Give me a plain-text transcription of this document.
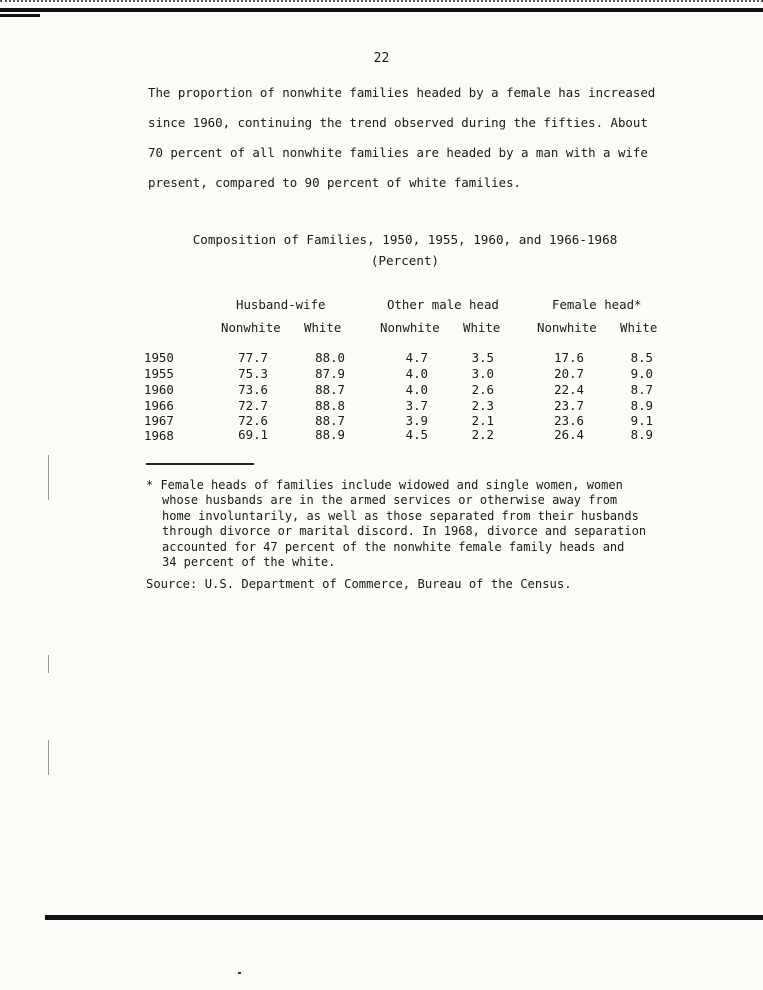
22
The proportion of nonwhite families headed by a female has increased
since 1960, continuing the trend observed during the fifties. About
70 percent of all nonwhite families are headed by a man with a wife
present, compared to 90 percent of white families.
Composition of Families, 1950, 1955, 1960, and 1966-1968
(Percent)
Husband-wife	Other male head	Female head*
Nonwhite White	Nonwhite White	Nonwhite White
1950	77.7	88.0	4.7	3.5	17.6	8.5
1955	75.3	87.9	4.0	3.0	20.7	9.0
1960	73.6	88.7	4.0	2.6	22.4	8.7
1966	72.7	88.8	3.7	2.3	23.7	8.9
1967	72.6	88.7	3.9	2.1	23.6	9.1
1968	69.1	88.9	4.5	2.2	26.4	8.9
* Female heads of families include widowed and single women, women
whose husbands are in the armed services or otherwise away from
home involuntarily, as well as those separated from their husbands
through divorce or marital discord. In 1968, divorce and separation
accounted for 47 percent of the nonwhite female family heads and
34 percent of the white.
Source: U.S. Department of Commerce, Bureau of the Census.
